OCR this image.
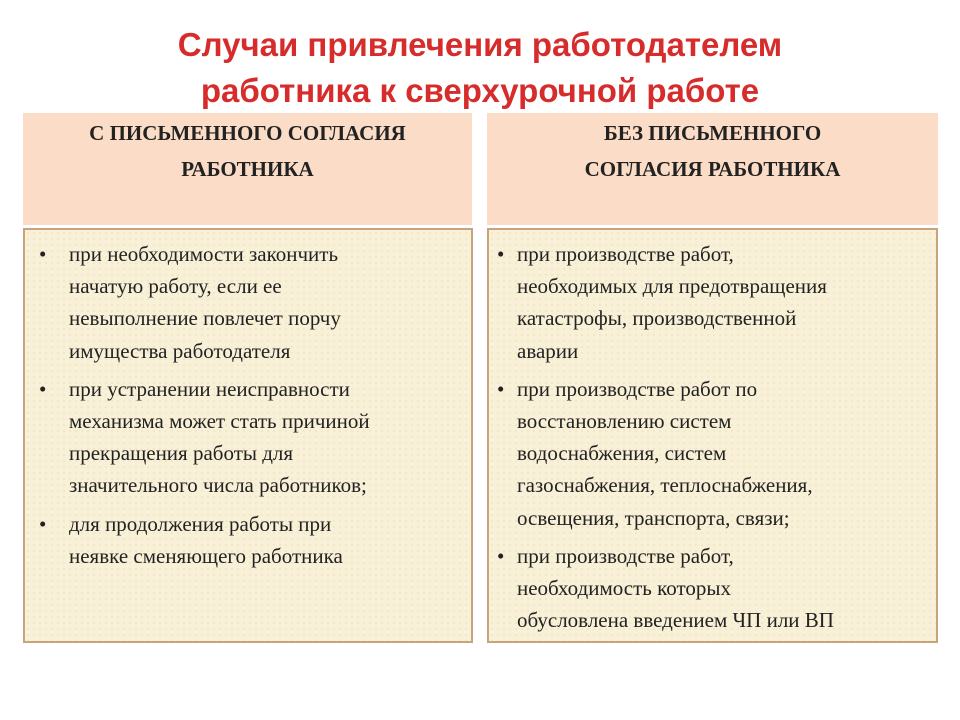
Случаи привлечения работодателем
работника к сверхурочной работе
С ПИСЬМЕННОГО СОГЛАСИЯ
РАБОТНИКА
БЕЗ ПИСЬМЕННОГО
СОГЛАСИЯ РАБОТНИКА
•	при необходимости закончить
начатую работу, если ее
невыполнение повлечет порчу
имущества работодателя
•	при устранении неисправности
механизма может стать причиной
прекращения работы для
значительного числа работников;
•	для продолжения работы при
неявке сменяющего работника
• при производстве работ,
необходимых для предотвращения
катастрофы, производственной
аварии
• при производстве работ по
восстановлению систем
водоснабжения, систем
газоснабжения, теплоснабжения,
освещения, транспорта, связи;
• при производстве работ,
необходимость которых
обусловлена введением ЧП или ВП
